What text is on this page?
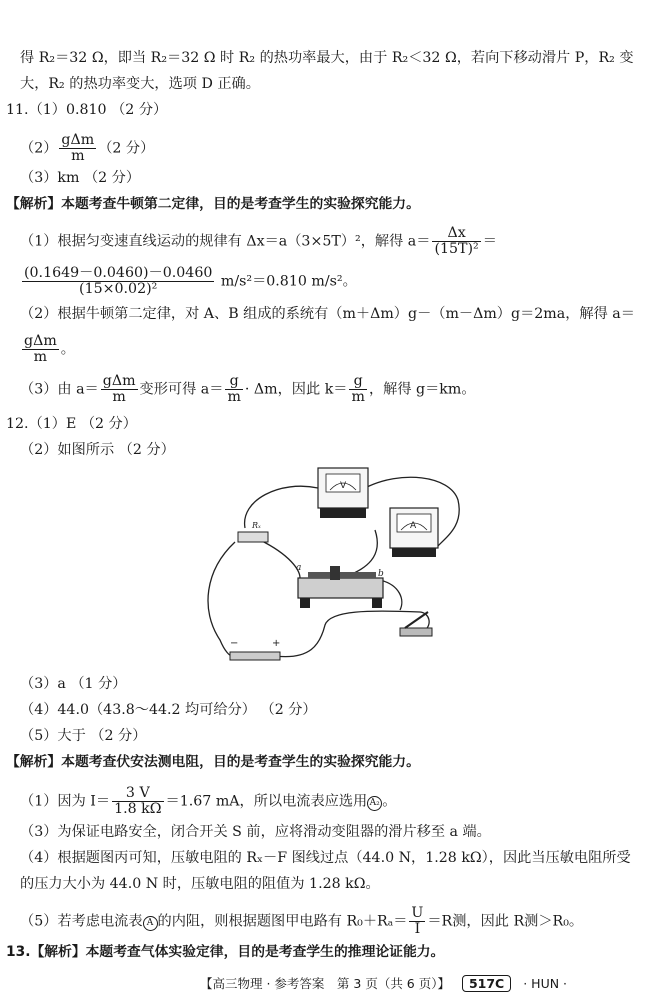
得 R₂＝32 Ω，即当 R₂＝32 Ω 时 R₂ 的热功率最大，由于 R₂＜32 Ω，若向下移动滑片 P，R₂ 变
大，R₂ 的热功率变大，选项 D 正确。
11.（1）0.810 （2 分）
$(2) \frac{\text{gΔm}}{m} (2$ 分）
（3）km （2 分）
【解析】本题考查牛顿第二定律，目的是考查学生的实验探究能力。
（1）根据匀变速直线运动的规律有 Δx＝a（3×5T）²，解得 $a= \frac{\Delta x}{\text{(15T)²}}$ ＝
$\frac{(0.1649-0.0460)-0.0460}{\text{(15×0.02)²}} m/s^2=0.810$ m/s²。
（2）根据牛顿第二定律，对 A、B 组成的系统有（m＋Δm）g－（m－Δm）g＝2ma，解得 a＝
$\frac{\text{gΔm}}{m}$ 。
（3）由 $a= \frac{\text{gΔm}}{m}$ 变形可得 $a= \frac{g}{m} \cdot \Delta m$，因此 $k= \frac{g}{m}$ ，解得 g＝km。
12.（1）E （2 分）
（2）如图所示 （2 分）
V
A
Rₓ
a
b
−	+
（3）a （1 分）
（4）44.0（43.8～44.2 均可给分） （2 分）
（5）大于 （2 分）
【解析】本题考查伏安法测电阻，目的是考查学生的实验探究能力。
（1）因为 $I= \frac{3 V}{1.8 k\Omega} =1.67$ mA，所以电流表应选用 A₂ 。
（3）为保证电路安全，闭合开关 S 前，应将滑动变阻器的滑片移至 a 端。
（4）根据题图丙可知，压敏电阻的 Rₓ－F 图线过点（44.0 N，1.28 kΩ），因此当压敏电阻所受
的压力大小为 44.0 N 时，压敏电阻的阻值为 1.28 kΩ。
（5）若考虑电流表 A 的内阻，则根据题图甲电路有 $R_0+R_a= \frac{U}{I} =R$测，因此 R测＞R₀。
13.【解析】本题考查气体实验定律，目的是考查学生的推理论证能力。
【高三物理 · 参考答案　第 3 页（共 6 页）】 517C · HUN ·
